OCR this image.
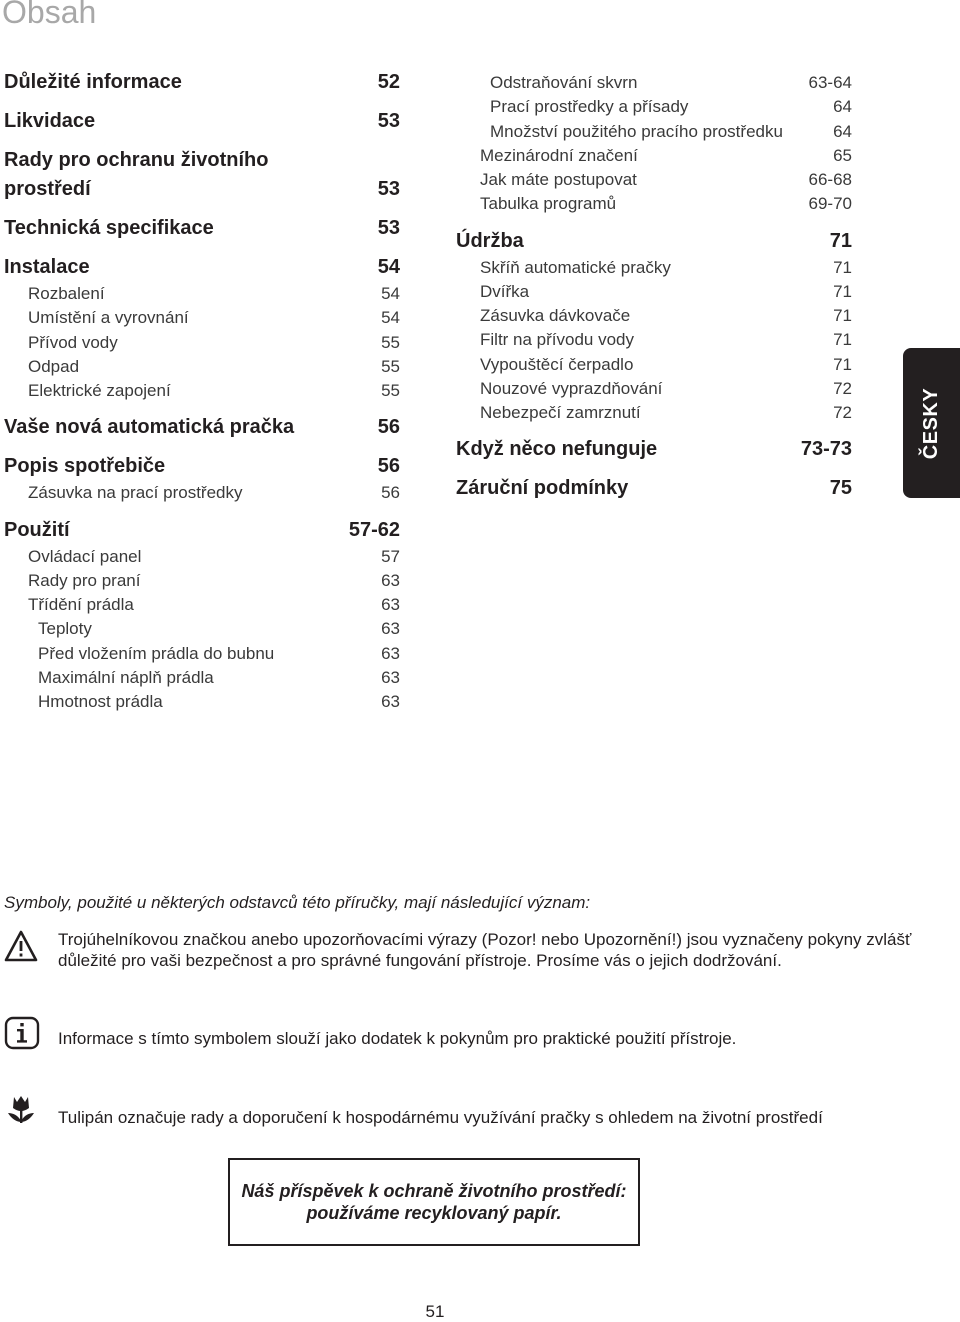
Obsah
Důležité informace	52
Likvidace	53
Rady pro ochranu životního
prostředí	53
Technická specifikace	53
Instalace	54
Rozbalení	54
Umístění a vyrovnání	54
Přívod vody	55
Odpad	55
Elektrické zapojení	55
Vaše nová automatická pračka	56
Popis spotřebiče	56
Zásuvka na prací prostředky	56
Použití	57-62
Ovládací panel	57
Rady pro praní	63
Třídění prádla	63
Teploty	63
Před vložením prádla do bubnu	63
Maximální náplň prádla	63
Hmotnost prádla	63
Odstraňování skvrn	63-64
Prací prostředky a přísady	64
Množství použitého pracího prostředku	64
Mezinárodní značení	65
Jak máte postupovat	66-68
Tabulka programů	69-70
Údržba	71
Skříň automatické pračky	71
Dvířka	71
Zásuvka dávkovače	71
Filtr na přívodu vody	71
Vypouštěcí čerpadlo	71
Nouzové vyprazdňování	72
Nebezpečí zamrznutí	72
Když něco nefunguje	73-73
Záruční podmínky	75
ČESKY
Symboly, použité u některých odstavců této příručky, mají následující význam:
Trojúhelníkovou značkou anebo upozorňovacími výrazy (Pozor! nebo Upozornění!) jsou vyznačeny pokyny zvlášť důležité pro vaši bezpečnost a pro správné fungování přístroje. Prosíme vás o jejich dodržování.
Informace s tímto symbolem slouží jako dodatek k pokynům pro praktické použití přístroje.
Tulipán označuje rady a doporučení k hospodárnému využívání pračky s ohledem na životní prostředí
Náš příspěvek k ochraně životního prostředí:
používáme recyklovaný papír.
51
